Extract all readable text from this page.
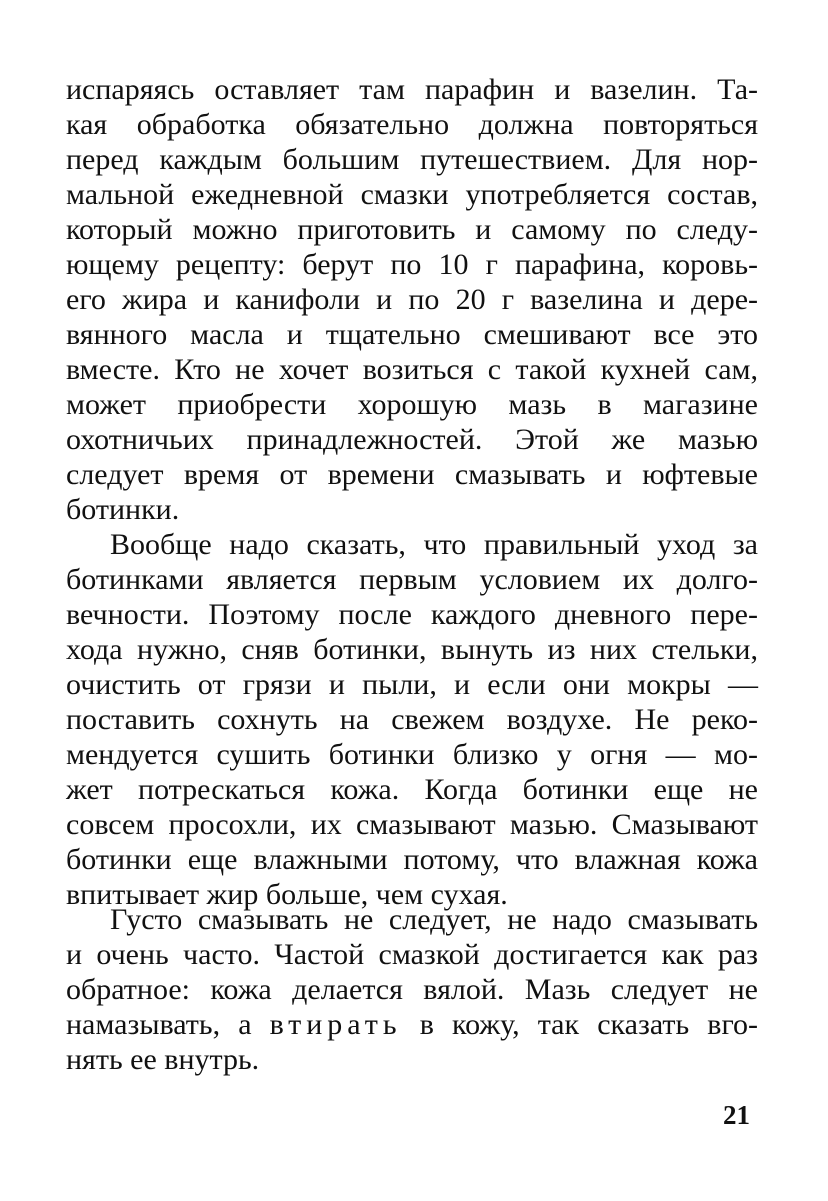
испаряясь оставляет там парафин и вазелин. Та-
кая обработка обязательно должна повторяться
перед каждым большим путешествием. Для нор-
мальной ежедневной смазки употребляется состав,
который можно приготовить и самому по следу-
ющему рецепту: берут по 10 г парафина, коровь-
его жира и канифоли и по 20 г вазелина и дере-
вянного масла и тщательно смешивают все это
вместе. Кто не хочет возиться с такой кухней сам,
может приобрести хорошую мазь в магазине
охотничьих принадлежностей. Этой же мазью
следует время от времени смазывать и юфтевые
ботинки.
Вообще надо сказать, что правильный уход за
ботинками является первым условием их долго-
вечности. Поэтому после каждого дневного пере-
хода нужно, сняв ботинки, вынуть из них стельки,
очистить от грязи и пыли, и если они мокры —
поставить сохнуть на свежем воздухе. Не реко-
мендуется сушить ботинки близко у огня — мо-
жет потрескаться кожа. Когда ботинки еще не
совсем просохли, их смазывают мазью. Смазывают
ботинки еще влажными потому, что влажная кожа
впитывает жир больше, чем сухая.
Густо смазывать не следует, не надо смазывать
и очень часто. Частой смазкой достигается как раз
обратное: кожа делается вялой. Мазь следует не
намазывать, а втирать в кожу, так сказать вго-
нять ее внутрь.
21
